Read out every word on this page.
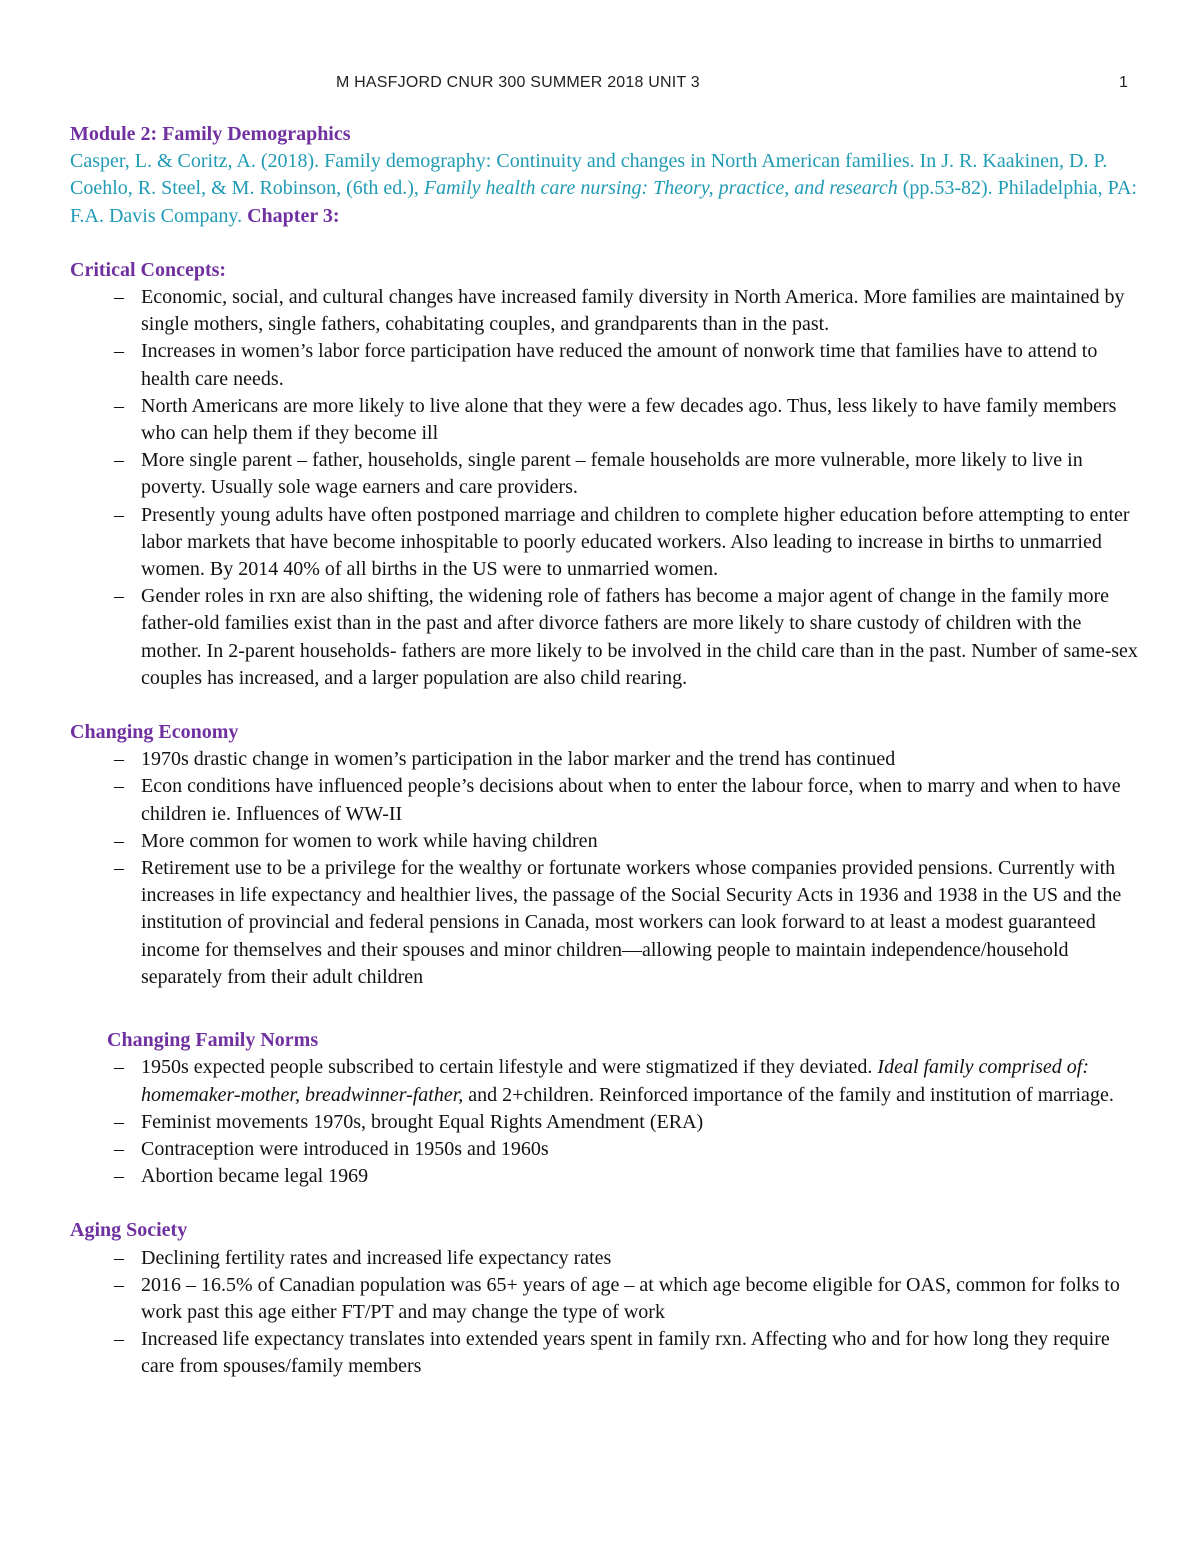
M HASFJORD CNUR 300 SUMMER 2018 UNIT 3	1
Module 2: Family Demographics
Casper, L. & Coritz, A. (2018). Family demography: Continuity and changes in North American families. In J. R. Kaakinen, D. P. Coehlo, R. Steel, & M. Robinson, (6th ed.), Family health care nursing: Theory, practice, and research (pp.53-82). Philadelphia, PA: F.A. Davis Company. Chapter 3:
Critical Concepts:
– Economic, social, and cultural changes have increased family diversity in North America. More families are maintained by single mothers, single fathers, cohabitating couples, and grandparents than in the past.
– Increases in women’s labor force participation have reduced the amount of nonwork time that families have to attend to health care needs.
– North Americans are more likely to live alone that they were a few decades ago. Thus, less likely to have family members who can help them if they become ill
– More single parent – father, households, single parent – female households are more vulnerable, more likely to live in poverty. Usually sole wage earners and care providers.
– Presently young adults have often postponed marriage and children to complete higher education before attempting to enter labor markets that have become inhospitable to poorly educated workers. Also leading to increase in births to unmarried women. By 2014 40% of all births in the US were to unmarried women.
– Gender roles in rxn are also shifting, the widening role of fathers has become a major agent of change in the family more father-old families exist than in the past and after divorce fathers are more likely to share custody of children with the mother. In 2-parent households- fathers are more likely to be involved in the child care than in the past. Number of same-sex couples has increased, and a larger population are also child rearing.
Changing Economy
– 1970s drastic change in women’s participation in the labor marker and the trend has continued
– Econ conditions have influenced people’s decisions about when to enter the labour force, when to marry and when to have children ie. Influences of WW-II
– More common for women to work while having children
– Retirement use to be a privilege for the wealthy or fortunate workers whose companies provided pensions. Currently with increases in life expectancy and healthier lives, the passage of the Social Security Acts in 1936 and 1938 in the US and the institution of provincial and federal pensions in Canada, most workers can look forward to at least a modest guaranteed income for themselves and their spouses and minor children—allowing people to maintain independence/household separately from their adult children
Changing Family Norms
– 1950s expected people subscribed to certain lifestyle and were stigmatized if they deviated. Ideal family comprised of: homemaker-mother, breadwinner-father, and 2+children. Reinforced importance of the family and institution of marriage.
– Feminist movements 1970s, brought Equal Rights Amendment (ERA)
– Contraception were introduced in 1950s and 1960s
– Abortion became legal 1969
Aging Society
– Declining fertility rates and increased life expectancy rates
– 2016 – 16.5% of Canadian population was 65+ years of age – at which age become eligible for OAS, common for folks to work past this age either FT/PT and may change the type of work
– Increased life expectancy translates into extended years spent in family rxn. Affecting who and for how long they require care from spouses/family members
